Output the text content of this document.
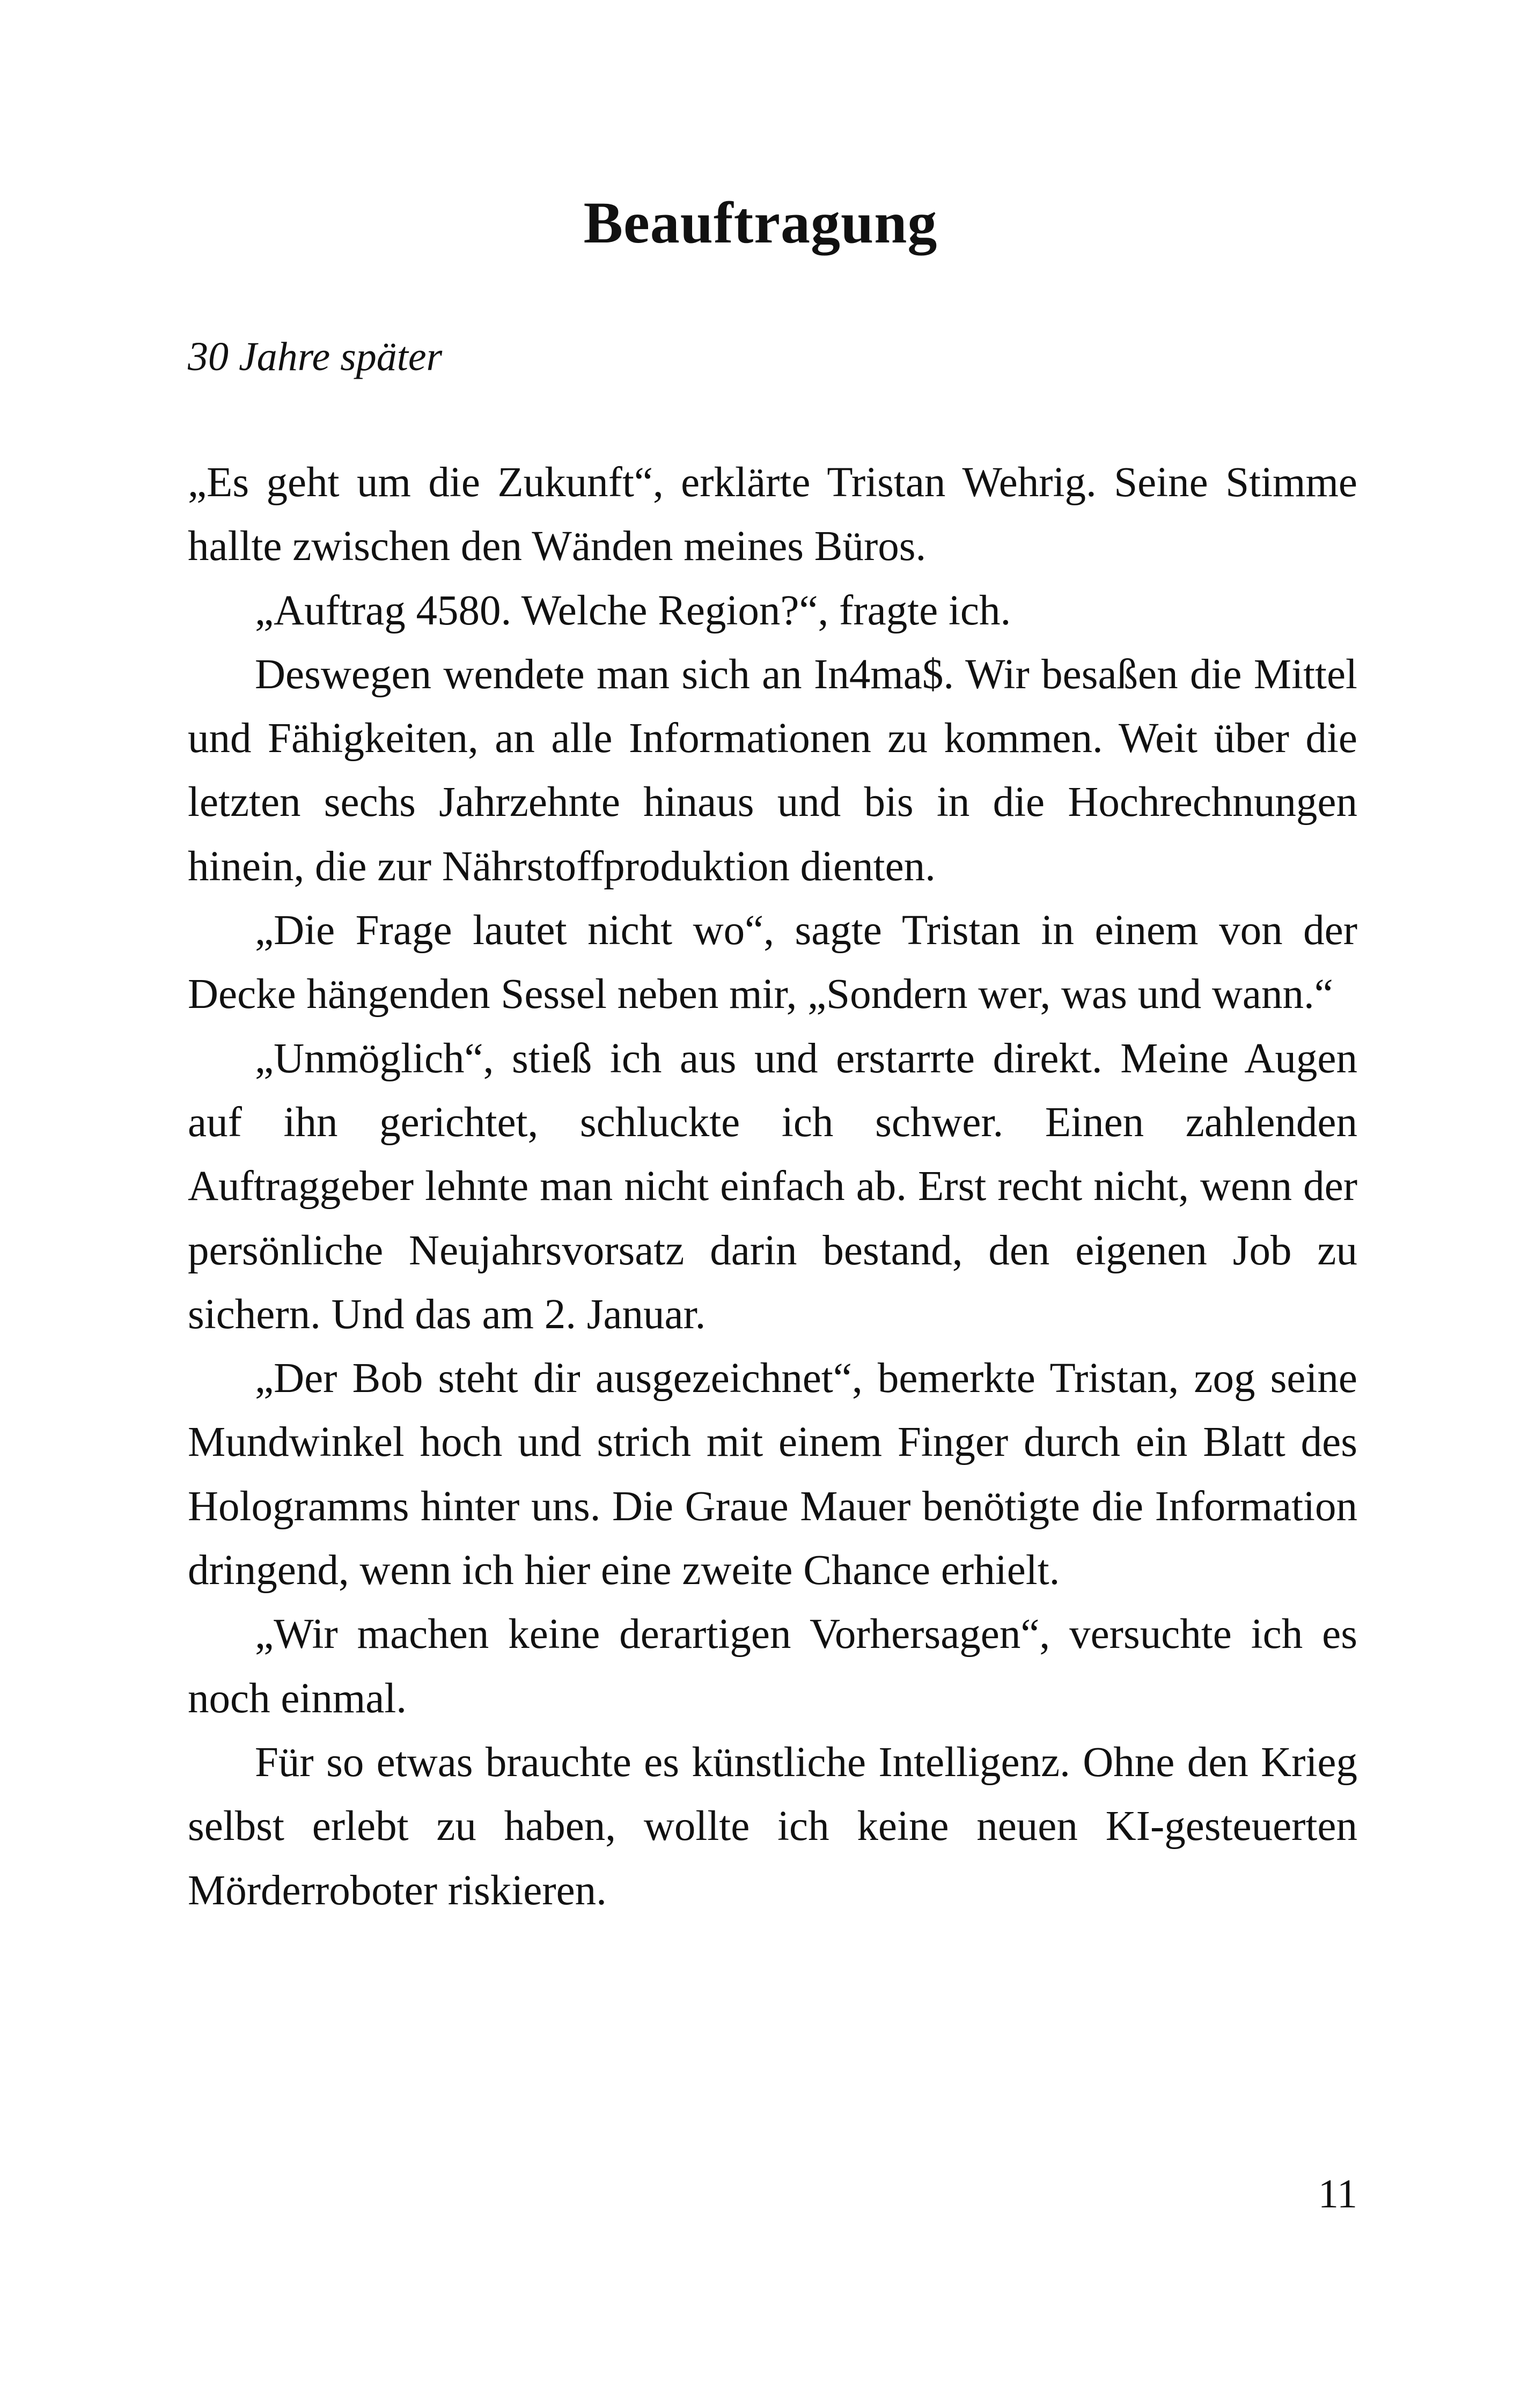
Beauftragung

30 Jahre später

„Es geht um die Zukunft“, erklärte Tristan Wehrig. Seine Stimme hallte zwischen den Wänden meines Büros.

„Auftrag 4580. Welche Region?“, fragte ich.

Deswegen wendete man sich an In4ma$. Wir besaßen die Mittel und Fähigkeiten, an alle Informationen zu kommen. Weit über die letzten sechs Jahrzehnte hinaus und bis in die Hochrechnungen hinein, die zur Nährstoffproduktion dienten.

„Die Frage lautet nicht wo“, sagte Tristan in einem von der Decke hängenden Sessel neben mir, „Sondern wer, was und wann.“

„Unmöglich“, stieß ich aus und erstarrte direkt. Meine Augen auf ihn gerichtet, schluckte ich schwer. Einen zahlenden Auftraggeber lehnte man nicht einfach ab. Erst recht nicht, wenn der persönliche Neujahrsvorsatz darin bestand, den eigenen Job zu sichern. Und das am 2. Januar.

„Der Bob steht dir ausgezeichnet“, bemerkte Tristan, zog seine Mundwinkel hoch und strich mit einem Finger durch ein Blatt des Hologramms hinter uns. Die Graue Mauer benötigte die Information dringend, wenn ich hier eine zweite Chance erhielt.

„Wir machen keine derartigen Vorhersagen“, versuchte ich es noch einmal.

Für so etwas brauchte es künstliche Intelligenz. Ohne den Krieg selbst erlebt zu haben, wollte ich keine neuen KI-gesteuerten Mörderroboter riskieren.

11
